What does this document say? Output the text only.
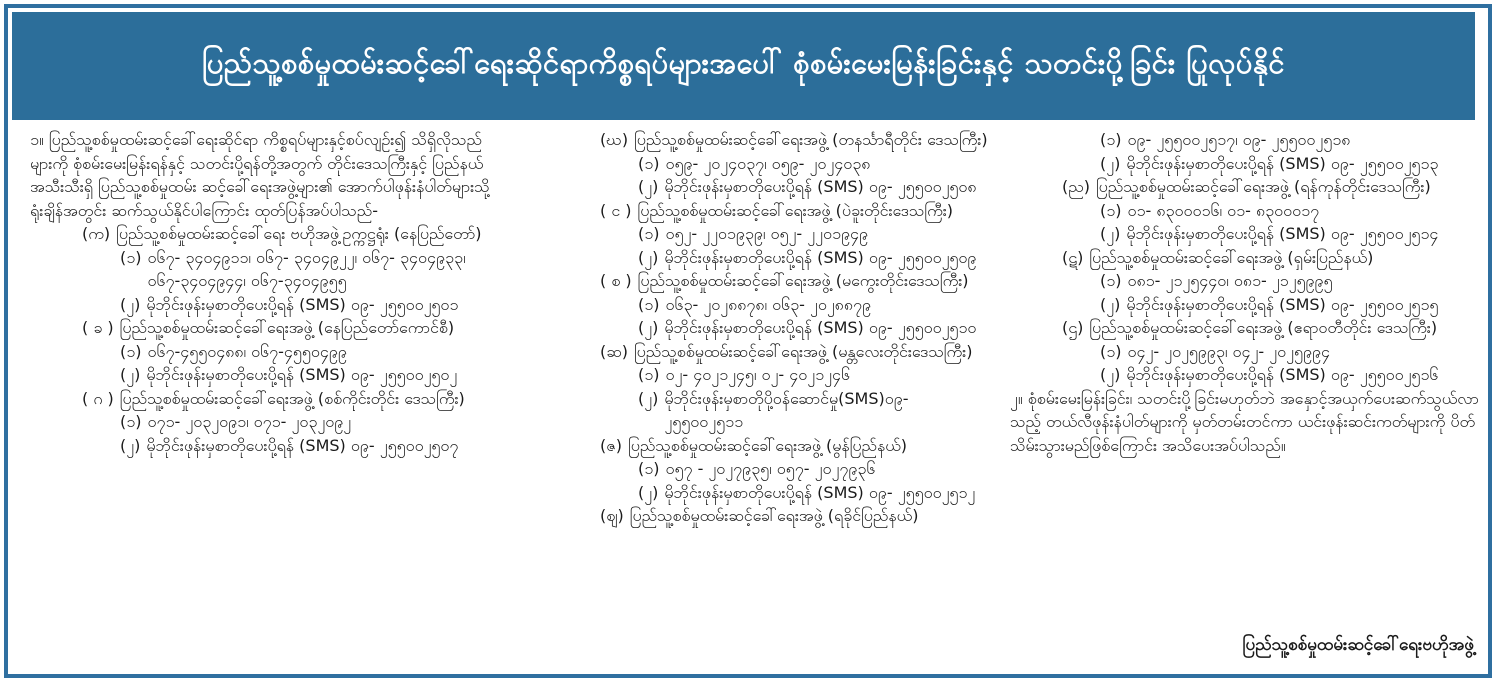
ပြည်သူ့စစ်မှုထမ်းဆင့်ခေါ်ရေးဆိုင်ရာကိစ္စရပ်များအပေါ် စုံစမ်းမေးမြန်းခြင်းနှင့် သတင်းပို့ခြင်း ပြုလုပ်နိုင်

၁။ ပြည်သူ့စစ်မှုထမ်းဆင့်ခေါ်ရေးဆိုင်ရာ ကိစ္စရပ်များနှင့်စပ်လျဉ်း၍ သိရှိလိုသည်များကို စုံစမ်းမေးမြန်းရန်နှင့် သတင်းပို့ရန်တို့အတွက် တိုင်းဒေသကြီးနှင့် ပြည်နယ်အသီးသီးရှိ ပြည်သူ့စစ်မှုထမ်း ဆင့်ခေါ်ရေးအဖွဲ့များ၏ အောက်ပါဖုန်းနံပါတ်များသို့ ရုံးချိန်အတွင်း ဆက်သွယ်နိုင်ပါကြောင်း ထုတ်ပြန်အပ်ပါသည်-

(က) ပြည်သူ့စစ်မှုထမ်းဆင့်ခေါ်ရေး ဗဟိုအဖွဲ့ဥက္ကဋ္ဌရုံး (နေပြည်တော်)
(၁) ၀၆၇- ၃၄၀၄၉၁၁၊ ၀၆၇- ၃၄၀၄၉၂၂၊ ၀၆၇- ၃၄၀၄၉၃၃၊ ၀၆၇-၃၄၀၄၉၄၄၊ ၀၆၇-၃၄၀၄၉၅၅
(၂) မိုဘိုင်းဖုန်းမှစာတိုပေးပို့ရန် (SMS) ၀၉- ၂၅၅၀၀၂၅၀၁
( ခ ) ပြည်သူ့စစ်မှုထမ်းဆင့်ခေါ်ရေးအဖွဲ့ (နေပြည်တော်ကောင်စီ)
(၁) ၀၆၇-၄၅၅၀၄၈၈၊ ၀၆၇-၄၅၅၀၄၉၉
(၂) မိုဘိုင်းဖုန်းမှစာတိုပေးပို့ရန် (SMS) ၀၉- ၂၅၅၀၀၂၅၀၂
( ဂ ) ပြည်သူ့စစ်မှုထမ်းဆင့်ခေါ်ရေးအဖွဲ့ (စစ်ကိုင်းတိုင်း ဒေသကြီး)
(၁) ၀၇၁- ၂၀၃၂၀၉၁၊ ၀၇၁- ၂၀၃၂၀၉၂
(၂) မိုဘိုင်းဖုန်းမှစာတိုပေးပို့ရန် (SMS) ၀၉- ၂၅၅၀၀၂၅၀၇
(ဃ) ပြည်သူ့စစ်မှုထမ်းဆင့်ခေါ်ရေးအဖွဲ့ (တနင်္သာရီတိုင်း ဒေသကြီး)
(၁) ၀၅၉- ၂၀၂၄၀၃၇၊ ၀၅၉- ၂၀၂၄၀၃၈
(၂) မိုဘိုင်းဖုန်းမှစာတိုပေးပို့ရန် (SMS) ၀၉- ၂၅၅၀၀၂၅၀၈
( င ) ပြည်သူ့စစ်မှုထမ်းဆင့်ခေါ်ရေးအဖွဲ့ (ပဲခူးတိုင်းဒေသကြီး)
(၁) ၀၅၂- ၂၂၀၁၉၃၉၊ ၀၅၂- ၂၂၀၁၉၄၉
(၂) မိုဘိုင်းဖုန်းမှစာတိုပေးပို့ရန် (SMS) ၀၉- ၂၅၅၀၀၂၅၀၉
( စ ) ပြည်သူ့စစ်မှုထမ်းဆင့်ခေါ်ရေးအဖွဲ့ (မကွေးတိုင်းဒေသကြီး)
(၁) ၀၆၃- ၂၀၂၈၈၇၈၊ ၀၆၃- ၂၀၂၈၈၇၉
(၂) မိုဘိုင်းဖုန်းမှစာတိုပေးပို့ရန် (SMS) ၀၉- ၂၅၅၀၀၂၅၁၀
(ဆ) ပြည်သူ့စစ်မှုထမ်းဆင့်ခေါ်ရေးအဖွဲ့ (မန္တလေးတိုင်းဒေသကြီး)
(၁) ၀၂- ၄၀၂၁၂၄၅၊ ၀၂- ၄၀၂၁၂၄၆
(၂) မိုဘိုင်းဖုန်းမှစာတိုပို့ဝန်ဆောင်မှု(SMS)၀၉- ၂၅၅၀၀၂၅၁၁
(ဇ) ပြည်သူ့စစ်မှုထမ်းဆင့်ခေါ်ရေးအဖွဲ့ (မွန်ပြည်နယ်)
(၁) ၀၅၇ - ၂၀၂၇၉၃၅၊ ၀၅၇- ၂၀၂၇၉၃၆
(၂) မိုဘိုင်းဖုန်းမှစာတိုပေးပို့ရန် (SMS) ၀၉- ၂၅၅၀၀၂၅၁၂
(ဈ) ပြည်သူ့စစ်မှုထမ်းဆင့်ခေါ်ရေးအဖွဲ့ (ရခိုင်ပြည်နယ်)
(၁) ၀၉- ၂၅၅၀၀၂၅၁၇၊ ၀၉- ၂၅၅၀၀၂၅၁၈
(၂) မိုဘိုင်းဖုန်းမှစာတိုပေးပို့ရန် (SMS) ၀၉- ၂၅၅၀၀၂၅၁၃
(ည) ပြည်သူ့စစ်မှုထမ်းဆင့်ခေါ်ရေးအဖွဲ့ (ရန်ကုန်တိုင်းဒေသကြီး)
(၁) ၀၁- ၈၃၀၀၀၁၆၊ ၀၁- ၈၃၀၀၀၁၇
(၂) မိုဘိုင်းဖုန်းမှစာတိုပေးပို့ရန် (SMS) ၀၉- ၂၅၅၀၀၂၅၁၄
(ဋ) ပြည်သူ့စစ်မှုထမ်းဆင့်ခေါ်ရေးအဖွဲ့ (ရှမ်းပြည်နယ်)
(၁) ၀၈၁- ၂၁၂၅၄၄၀၊ ၀၈၁- ၂၁၂၅၉၉၅
(၂) မိုဘိုင်းဖုန်းမှစာတိုပေးပို့ရန် (SMS) ၀၉- ၂၅၅၀၀၂၅၁၅
(ဌ) ပြည်သူ့စစ်မှုထမ်းဆင့်ခေါ်ရေးအဖွဲ့ (ဧရာဝတီတိုင်း ဒေသကြီး)
(၁) ၀၄၂- ၂၀၂၅၉၉၃၊ ၀၄၂- ၂၀၂၅၉၉၄
(၂) မိုဘိုင်းဖုန်းမှစာတိုပေးပို့ရန် (SMS) ၀၉- ၂၅၅၀၀၂၅၁၆

၂။ စုံစမ်းမေးမြန်းခြင်း၊ သတင်းပို့ခြင်းမဟုတ်ဘဲ အနှောင့်အယှက်ပေးဆက်သွယ်လာသည့် တယ်လီဖုန်းနံပါတ်များကို မှတ်တမ်းတင်ကာ ယင်းဖုန်းဆင်းကတ်များကို ပိတ်သိမ်းသွားမည်ဖြစ်ကြောင်း အသိပေးအပ်ပါသည်။

ပြည်သူ့စစ်မှုထမ်းဆင့်ခေါ်ရေးဗဟိုအဖွဲ့
